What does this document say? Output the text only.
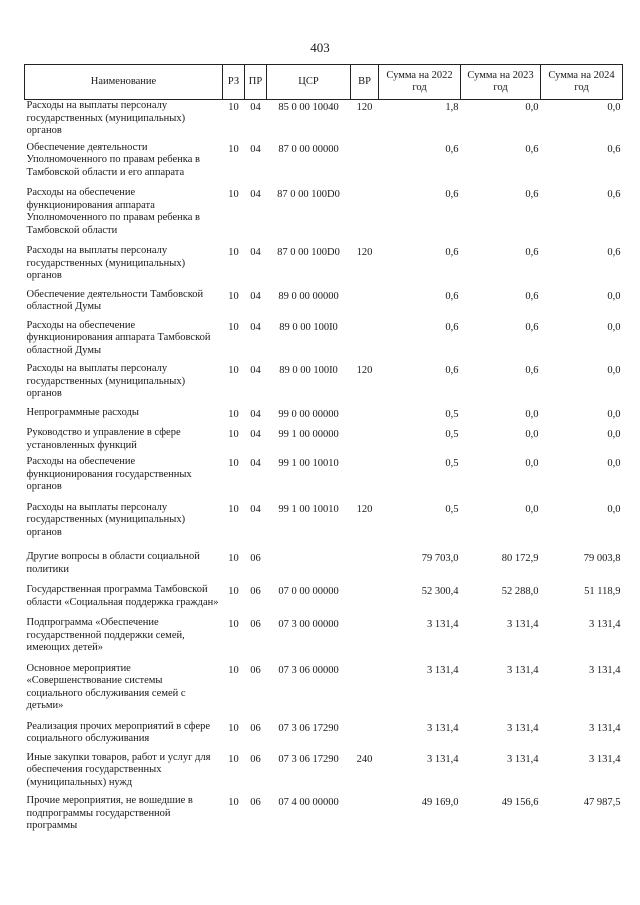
403
Наименование	РЗ	ПР	ЦСР	ВР	Сумма на 2022 год	Сумма на 2023 год	Сумма на 2024 год
Расходы на выплаты персоналу государственных (муниципальных) органов	10	04	85 0 00 10040	120	1,8	0,0	0,0
Обеспечение деятельности Уполномоченного по правам ребенка в Тамбовской области и его аппарата	10	04	87 0 00 00000		0,6	0,6	0,6
Расходы на обеспечение функционирования аппарата Уполномоченного по правам ребенка в Тамбовской области	10	04	87 0 00 100D0		0,6	0,6	0,6
Расходы на выплаты персоналу государственных (муниципальных) органов	10	04	87 0 00 100D0	120	0,6	0,6	0,6
Обеспечение деятельности Тамбовской областной Думы	10	04	89 0 00 00000		0,6	0,6	0,0
Расходы на обеспечение функционирования аппарата Тамбовской областной Думы	10	04	89 0 00 100I0		0,6	0,6	0,0
Расходы на выплаты персоналу государственных (муниципальных) органов	10	04	89 0 00 100I0	120	0,6	0,6	0,0
Непрограммные расходы	10	04	99 0 00 00000		0,5	0,0	0,0
Руководство и управление в сфере установленных функций	10	04	99 1 00 00000		0,5	0,0	0,0
Расходы на обеспечение функционирования государственных органов	10	04	99 1 00 10010		0,5	0,0	0,0
Расходы на выплаты персоналу государственных (муниципальных) органов	10	04	99 1 00 10010	120	0,5	0,0	0,0
Другие вопросы в области социальной политики	10	06			79 703,0	80 172,9	79 003,8
Государственная программа Тамбовской области «Социальная поддержка граждан»	10	06	07 0 00 00000		52 300,4	52 288,0	51 118,9
Подпрограмма «Обеспечение государственной поддержки семей, имеющих детей»	10	06	07 3 00 00000		3 131,4	3 131,4	3 131,4
Основное мероприятие «Совершенствование системы социального обслуживания семей с детьми»	10	06	07 3 06 00000		3 131,4	3 131,4	3 131,4
Реализация прочих мероприятий в сфере социального обслуживания	10	06	07 3 06 17290		3 131,4	3 131,4	3 131,4
Иные закупки товаров, работ и услуг для обеспечения государственных (муниципальных) нужд	10	06	07 3 06 17290	240	3 131,4	3 131,4	3 131,4
Прочие мероприятия, не вошедшие в подпрограммы государственной программы	10	06	07 4 00 00000		49 169,0	49 156,6	47 987,5
